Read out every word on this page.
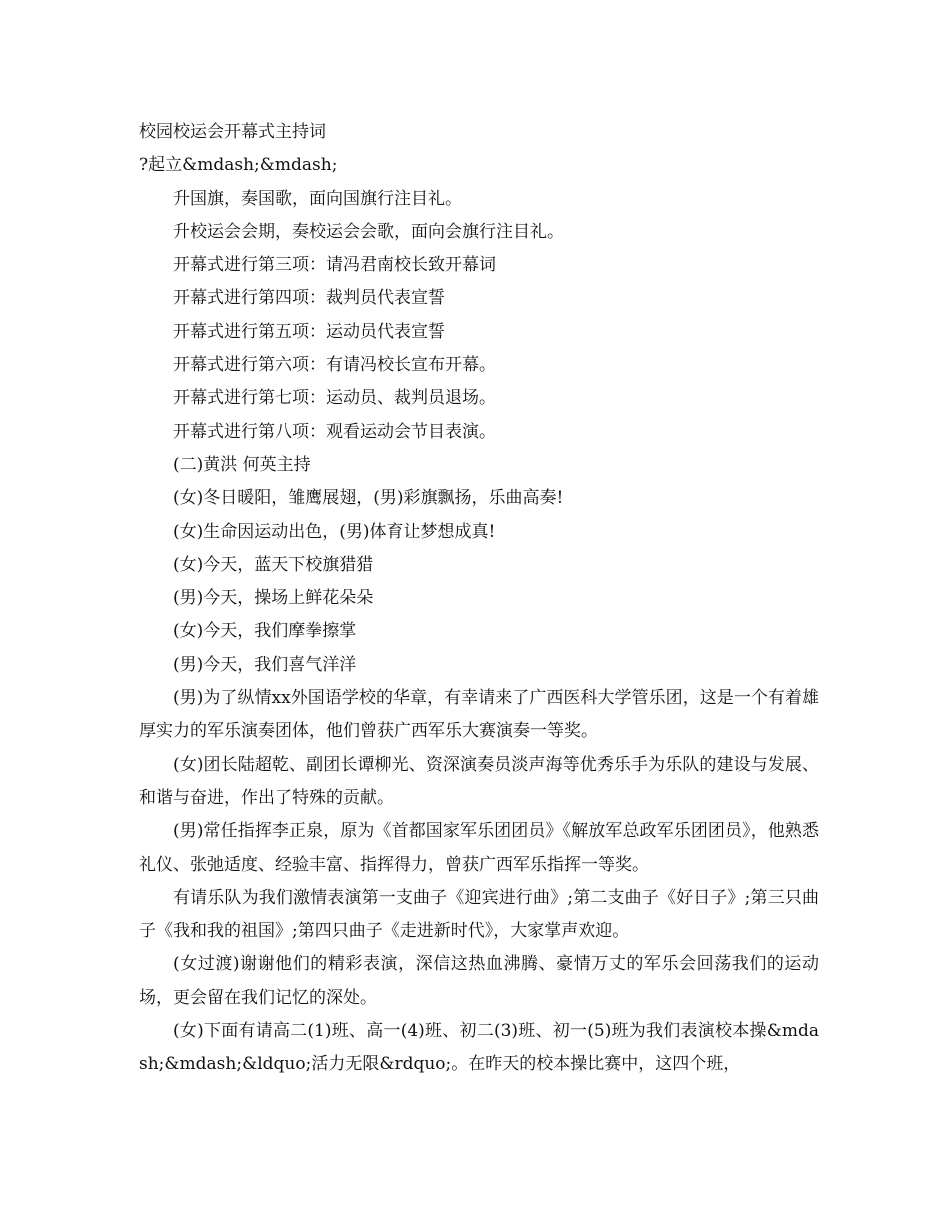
校园校运会开幕式主持词

?起立&mdash;&mdash;

升国旗，奏国歌，面向国旗行注目礼。

升校运会会期，奏校运会会歌，面向会旗行注目礼。

开幕式进行第三项：请冯君南校长致开幕词

开幕式进行第四项：裁判员代表宣誓

开幕式进行第五项：运动员代表宣誓

开幕式进行第六项：有请冯校长宣布开幕。

开幕式进行第七项：运动员、裁判员退场。

开幕式进行第八项：观看运动会节目表演。

(二)黄洪 何英主持

(女)冬日暖阳，雏鹰展翅，(男)彩旗飘扬，乐曲高奏!

(女)生命因运动出色，(男)体育让梦想成真!

(女)今天，蓝天下校旗猎猎

(男)今天，操场上鲜花朵朵

(女)今天，我们摩拳擦掌

(男)今天，我们喜气洋洋

(男)为了纵情xx外国语学校的华章，有幸请来了广西医科大学管乐团，这是一个有着雄厚实力的军乐演奏团体，他们曾获广西军乐大赛演奏一等奖。

(女)团长陆超乾、副团长谭柳光、资深演奏员淡声海等优秀乐手为乐队的建设与发展、和谐与奋进，作出了特殊的贡献。

(男)常任指挥李正泉，原为《首都国家军乐团团员》《解放军总政军乐团团员》，他熟悉礼仪、张弛适度、经验丰富、指挥得力，曾获广西军乐指挥一等奖。

有请乐队为我们激情表演第一支曲子《迎宾进行曲》;第二支曲子《好日子》;第三只曲子《我和我的祖国》;第四只曲子《走进新时代》，大家掌声欢迎。

(女过渡)谢谢他们的精彩表演，深信这热血沸腾、豪情万丈的军乐会回荡我们的运动场，更会留在我们记忆的深处。

(女)下面有请高二(1)班、高一(4)班、初二(3)班、初一(5)班为我们表演校本操&mdash;&mdash;&ldquo;活力无限&rdquo;。在昨天的校本操比赛中，这四个班，
